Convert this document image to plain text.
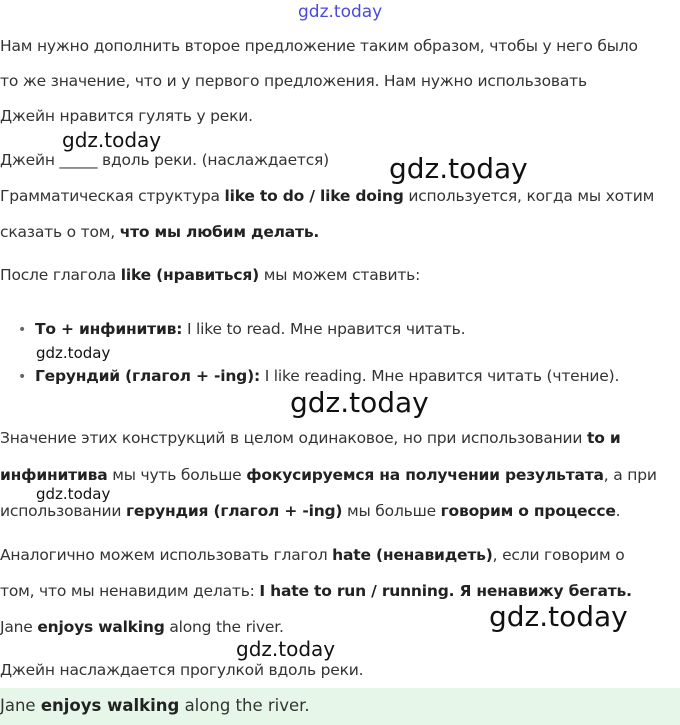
gdz.today
gdz.today
gdz.today
gdz.today
gdz.today
gdz.today
gdz.today
gdz.today
Нам нужно дополнить второе предложение таким образом, чтобы у него было
то же значение, что и у первого предложения. Нам нужно использовать
Джейн нравится гулять у реки.
Джейн _____ вдоль реки. (наслаждается)
Грамматическая структура like to do / like doing используется, когда мы хотим
сказать о том, что мы любим делать.
После глагола like (нравиться) мы можем ставить:
• То + инфинитив: I like to read. Мне нравится читать.
• Герундий (глагол + -ing): I like reading. Мне нравится читать (чтение).
Значение этих конструкций в целом одинаковое, но при использовании to и
инфинитива мы чуть больше фокусируемся на получении результата, а при
использовании герундия (глагол + -ing) мы больше говорим о процессе.
Аналогично можем использовать глагол hate (ненавидеть), если говорим о
том, что мы ненавидим делать: I hate to run / running. Я ненавижу бегать.
Jane enjoys walking along the river.
Джейн наслаждается прогулкой вдоль реки.
Jane enjoys walking along the river.
